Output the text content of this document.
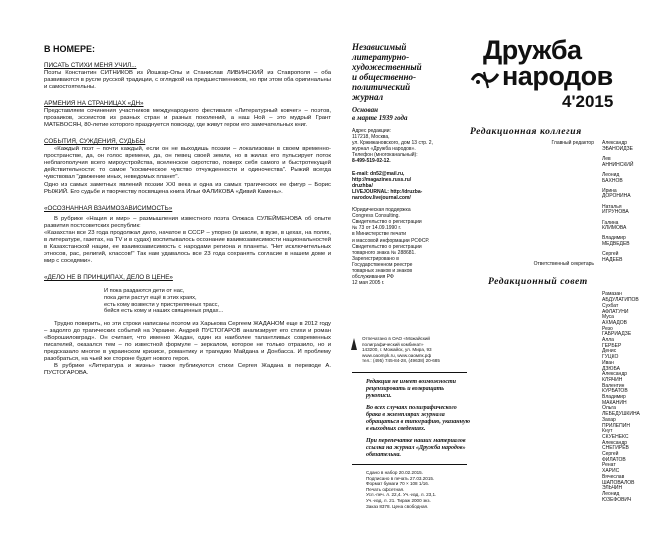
В НОМЕРЕ:
ПИСАТЬ СТИХИ МЕНЯ УЧИЛ...

Поэты Константин СИТНИКОВ из Йошкар-Олы и Станислав ЛИВИНСКИЙ из Ставрополя – оба развиваются в русле русской традиции, с оглядкой на предшественников, но при этом оба оригинальны и самостоятельны.

АРМЕНИЯ НА СТРАНИЦАХ «ДН»

Представляем сочинения участников международного фестиваля «Литературный ковчег» – поэтов, прозаиков, эссеистов из разных стран и разных поколений, а наш Ной – это мудрый Грант МАТЕВОСЯН, 80-летие которого празднуется повсюду, где живут герои его замечательных книг.

СОБЫТИЯ, СУЖДЕНИЯ, СУДЬБЫ

«Каждый поэт – почти каждый, если он не выходишь поэзии – локализован в своем временно-пространстве, да, он голос времени, да, он певец своей земли, но в жилах его пульсирует поток неблагополучия всего мироустройства, вселенское сиротство, поверх себя самого и быстротекущей действительности: то самое "космическое чувство отчужденности и одиночества". Рыжий всегда чувствовал "движение иных, неведомых планет".

Одно из самых заметных явлений поэзии XXI века и одна из самых трагических ее фигур – Борис РЫЖИЙ. Его судьбе и творчеству посвящена книга Ильи ФАЛИКОВА «Дивий Камень».

«ОСОЗНАННАЯ ВЗАИМОЗАВИСИМОСТЬ»

В рубрике «Нация и мир» – размышления известного поэта Олжаса СУЛЕЙМЕНОВА об опыте развития постсоветских республик:

«Казахстан все 23 года продолжал дело, начатое в СССР – упорно (в школе, в вузе, в цехах, на полях, в литературе, газетах, на TV и в судах) воспитывалось осознание взаимозависимости национальностей в Казахстанской нации, ее взаимозависимость с народами региона и планеты. "Нет исключительных этносов, рас, религий, классов!" Так нам удавалось все 23 года сохранять согласие в нашем доме и мир с соседями».

«ДЕЛО НЕ В ПРИНЦИПАХ, ДЕЛО В ЦЕНЕ»
И пока раздаются дети от нас,
пока дети растут ещё в этих краях,
есть кому возвести у пристрелянных трасс,
бейся есть кому и наших священных рядах...

Трудно поверить, но эти строки написаны поэтом из Харькова Сергеем ЖАДАНОМ еще в 2012 году – задолго до трагических событий на Украине. Андрей ПУСТОГАРОВ анализирует его стихи и роман «Ворошиловград». Он считает, что именно Жадан, один из наиболее талантливых современных писателей, оказался тем – по известной формуле – зеркалом, которое не только отразило, но и предсказало многое в украинском кризисе, романтику и трагедию Майдана и Донбасса. И проблему разобраться, на чьей же стороне будет нового героя.

В рубрике «Литература и жизнь» также публикуются стихи Сергея Жадана в переводе А. ПУСТОГАРОВА.

Независимый
литературно-
художественный
и общественно-
политический
журнал
Основан
в марте 1939 года
Адрес редакции:
117218, Москва,
ул. Кржижановского, дом 13 стр. 2,
журнал «Дружба народов».
Телефон (многоканальный):
8-499-519-02-12.
E-mail: dn52@mail.ru,
http://magazines.russ.ru/
druzhba/
LIVEJOURNAL: http://druzba-
narodov.livejournal.com/
Юридическая поддержка
Congress Consulting.
Свидетельство о регистрации
№ 73 от 14.09.1990 г.
в Министерстве печати
и массовой информации РСФСР.
Свидетельство о регистрации
товарного знака № 288681.
Зарегистрировано в
Государственном реестре
товарных знаков и знаков
обслуживания РФ
12 мая 2005 г.
Отпечатано в ОАО «Можайский
полиграфический комбинат»
143200, г. Можайск, ул. Мира, 93
www.oaompk.ru, www.оаомпк.рф
тел.: (495) 745-84-28, (49638) 20-685
Редакция не имеет возможности
рецензировать и возвращать
рукописи.
Во всех случаях полиграфического
брака в экземплярах журнала
обращаться в типографию, указанную
в выходных сведениях.
При перепечатке наших материалов
ссылка на журнал «Дружба народов»
обязательна.
Сдано в набор 20.02.2015.
Подписано в печать 27.03.2015.
Формат бумаги 70 × 108 1/16.
Печать офсетная.
Усл.-печ. л. 22,4. Уч.-изд. л. 23,1.
Уч.-изд. л. 21. Тираж 2000 экз.
Заказ 8378. Цена свободная.
Дружба
народов
4'2015
Редакционная коллегия
Главный редактор Александр
ЭБАНОИДЗЕ
Лев
АННИНСКИЙ
Леонид
БАХНОВ
Ирина
ДОРОНИНА
Наталья
ИГРУНОВА
Галина
КЛИМОВА
Владимир
МЕДВЕДЕВ
Сергей
НАДЕЕВ
Ответственный секретарь
Редакционный совет
Рамазан
АБДУЛАТИПОВ
Сухбат
АФЛАТУНИ
Муса
АХМАДОВ
Резо
ГАБРИАДЗЕ
Алла
ГЕРБЕР
Денис
ГУЦКО
Иван
ДЗЮБА
Александр
КЛЯЧИН
Валентин
КУРБАТОВ
Владимир
МАКАНИН
Ольга
ЛЕБЕДУШКИНА
Захар
ПРИЛЕПИН
Кнут
СКУЕНЕКС
Александр
СНЕГИРЕВ
Сергей
ФИЛАТОВ
Ренат
ХАРИС
Вячеслав
ШАПОВАЛОВ
ЭЛЬЧИН
Леонид
ЮЗЕФОВИЧ
